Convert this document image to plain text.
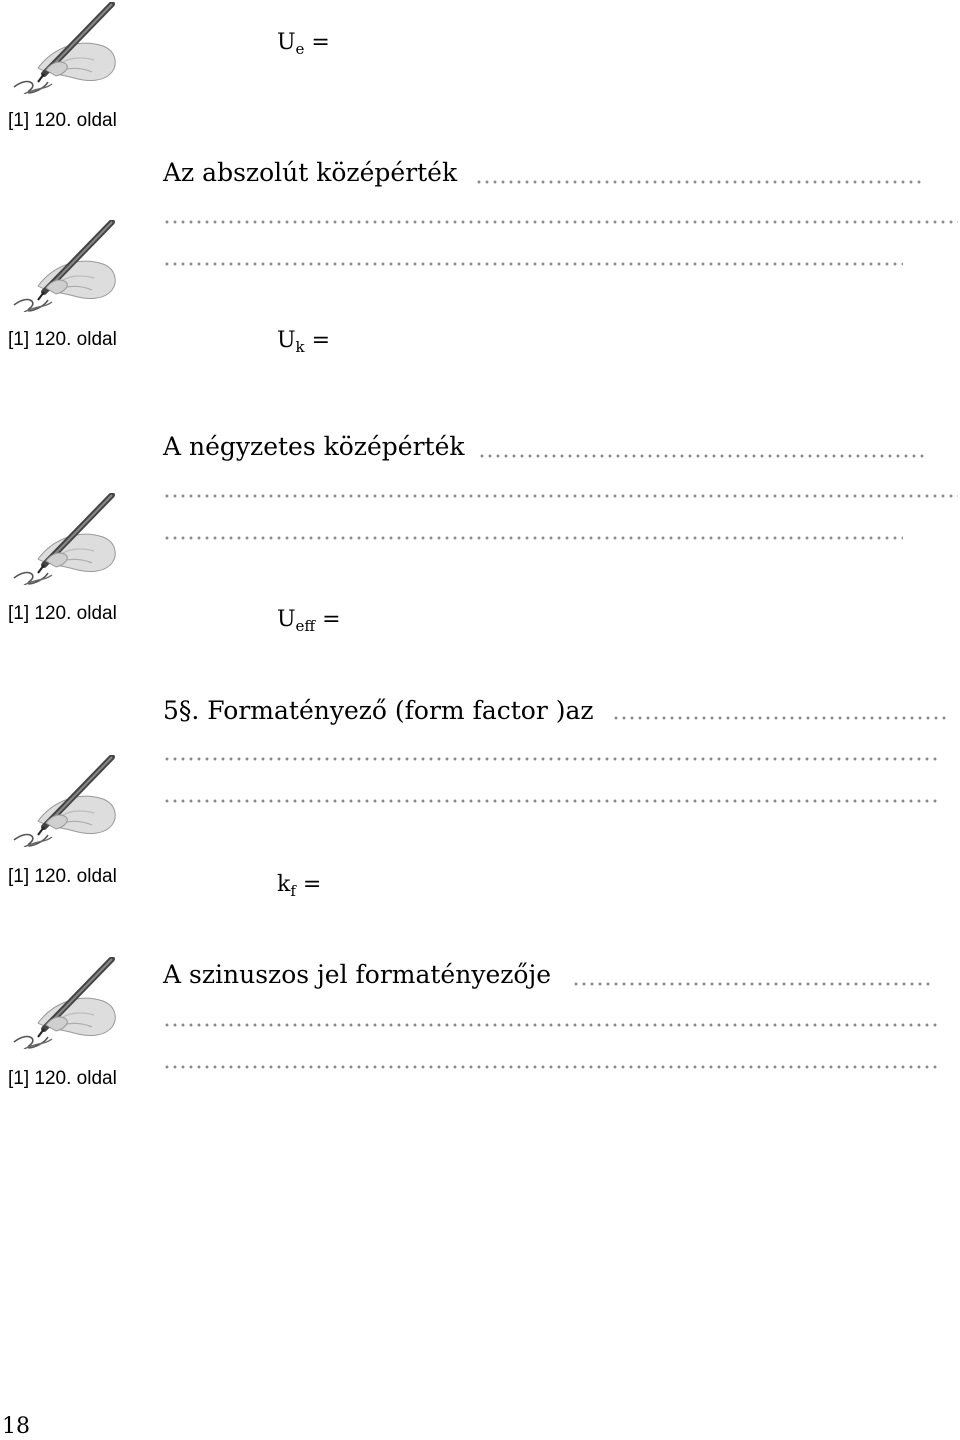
[1] 120. oldal
$U_e$ =
Az abszolút középérték
[1] 120. oldal	$U_k$ =
A négyzetes középérték
[1] 120. oldal	$U_{eff}$ =
5§. Formatényező (form factor )az
[1] 120. oldal	$k_f$ =
A szinuszos jel formatényezője
[1] 120. oldal
18
